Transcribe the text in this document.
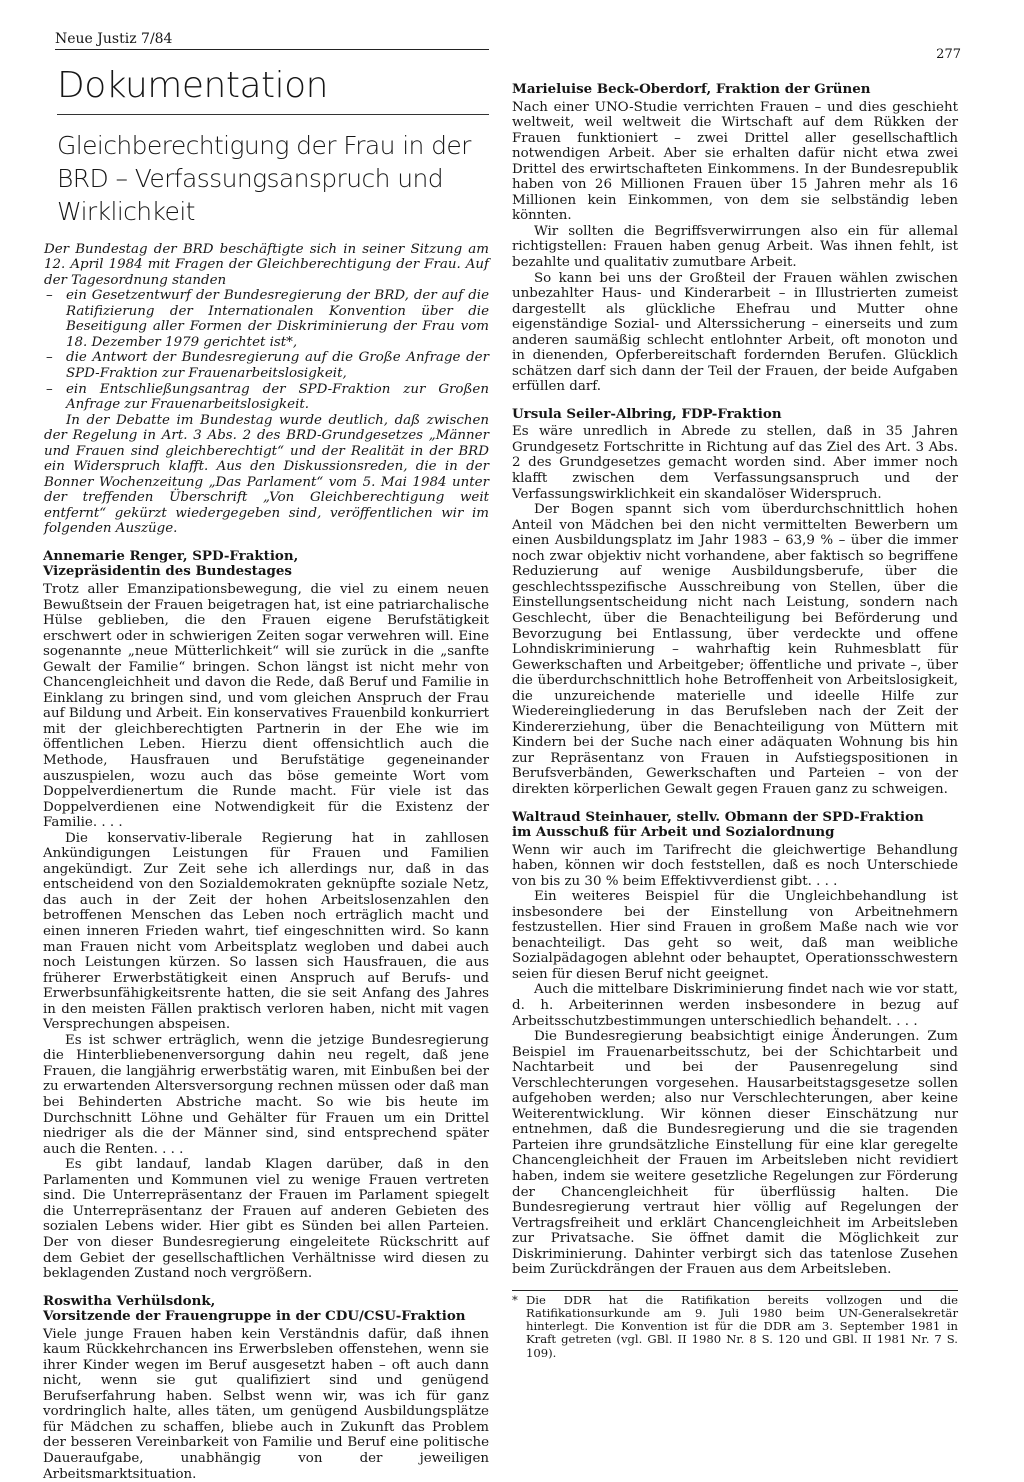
Neue Justiz 7/84
277
Dokumentation
Gleichberechtigung der Frau in der BRD – Verfassungsanspruch und Wirklichkeit

Der Bundestag der BRD beschäftigte sich in seiner Sitzung am 12. April 1984 mit Fragen der Gleichberechtigung der Frau. Auf der Tagesordnung standen

– ein Gesetzentwurf der Bundesregierung der BRD, der auf die Ratifizierung der Internationalen Konvention über die Beseitigung aller Formen der Diskriminierung der Frau vom 18. Dezember 1979 gerichtet ist*,
– die Antwort der Bundesregierung auf die Große Anfrage der SPD-Fraktion zur Frauenarbeitslosigkeit,
– ein Entschließungsantrag der SPD-Fraktion zur Großen Anfrage zur Frauenarbeitslosigkeit.

In der Debatte im Bundestag wurde deutlich, daß zwischen der Regelung in Art. 3 Abs. 2 des BRD-Grundgesetzes „Männer und Frauen sind gleichberechtigt“ und der Realität in der BRD ein Widerspruch klafft. Aus den Diskussionsreden, die in der Bonner Wochenzeitung „Das Parlament“ vom 5. Mai 1984 unter der treffenden Überschrift „Von Gleichberechtigung weit entfernt“ gekürzt wiedergegeben sind, veröffentlichen wir im folgenden Auszüge.

Annemarie Renger, SPD-Fraktion,
Vizepräsidentin des Bundestages

Trotz aller Emanzipationsbewegung, die viel zu einem neuen Bewußtsein der Frauen beigetragen hat, ist eine patriarchalische Hülse geblieben, die den Frauen eigene Berufstätigkeit erschwert oder in schwierigen Zeiten sogar verwehren will. Eine sogenannte „neue Mütterlichkeit“ will sie zurück in die „sanfte Gewalt der Familie“ bringen. Schon längst ist nicht mehr von Chancengleichheit und davon die Rede, daß Beruf und Familie in Einklang zu bringen sind, und vom gleichen Anspruch der Frau auf Bildung und Arbeit. Ein konservatives Frauenbild konkurriert mit der gleichberechtigten Partnerin in der Ehe wie im öffentlichen Leben. Hierzu dient offensichtlich auch die Methode, Hausfrauen und Berufstätige gegeneinander auszuspielen, wozu auch das böse gemeinte Wort vom Doppelverdienertum die Runde macht. Für viele ist das Doppelverdienen eine Notwendigkeit für die Existenz der Familie. . . .

Die konservativ-liberale Regierung hat in zahllosen Ankündigungen Leistungen für Frauen und Familien angekündigt. Zur Zeit sehe ich allerdings nur, daß in das entscheidend von den Sozialdemokraten geknüpfte soziale Netz, das auch in der Zeit der hohen Arbeitslosenzahlen den betroffenen Menschen das Leben noch erträglich macht und einen inneren Frieden wahrt, tief eingeschnitten wird. So kann man Frauen nicht vom Arbeitsplatz wegloben und dabei auch noch Leistungen kürzen. So lassen sich Hausfrauen, die aus früherer Erwerbstätigkeit einen Anspruch auf Berufs- und Erwerbsunfähigkeitsrente hatten, die sie seit Anfang des Jahres in den meisten Fällen praktisch verloren haben, nicht mit vagen Versprechungen abspeisen.

Es ist schwer erträglich, wenn die jetzige Bundesregierung die Hinterbliebenenversorgung dahin neu regelt, daß jene Frauen, die langjährig erwerbstätig waren, mit Einbußen bei der zu erwartenden Altersversorgung rechnen müssen oder daß man bei Behinderten Abstriche macht. So wie bis heute im Durchschnitt Löhne und Gehälter für Frauen um ein Drittel niedriger als die der Männer sind, sind entsprechend später auch die Renten. . . .

Es gibt landauf, landab Klagen darüber, daß in den Parlamenten und Kommunen viel zu wenige Frauen vertreten sind. Die Unterrepräsentanz der Frauen im Parlament spiegelt die Unterrepräsentanz der Frauen auf anderen Gebieten des sozialen Lebens wider. Hier gibt es Sünden bei allen Parteien. Der von dieser Bundesregierung eingeleitete Rückschritt auf dem Gebiet der gesellschaftlichen Verhältnisse wird diesen zu beklagenden Zustand noch vergrößern.

Roswitha Verhülsdonk,
Vorsitzende der Frauengruppe in der CDU/CSU-Fraktion

Viele junge Frauen haben kein Verständnis dafür, daß ihnen kaum Rückkehrchancen ins Erwerbsleben offenstehen, wenn sie ihrer Kinder wegen im Beruf ausgesetzt haben – oft auch dann nicht, wenn sie gut qualifiziert sind und genügend Berufserfahrung haben. Selbst wenn wir, was ich für ganz vordringlich halte, alles täten, um genügend Ausbildungsplätze für Mädchen zu schaffen, bliebe auch in Zukunft das Problem der besseren Vereinbarkeit von Familie und Beruf eine politische Daueraufgabe, unabhängig von der jeweiligen Arbeitsmarktsituation.

Marieluise Beck-Oberdorf, Fraktion der Grünen

Nach einer UNO-Studie verrichten Frauen – und dies geschieht weltweit, weil weltweit die Wirtschaft auf dem Rükken der Frauen funktioniert – zwei Drittel aller gesellschaftlich notwendigen Arbeit. Aber sie erhalten dafür nicht etwa zwei Drittel des erwirtschafteten Einkommens. In der Bundesrepublik haben von 26 Millionen Frauen über 15 Jahren mehr als 16 Millionen kein Einkommen, von dem sie selbständig leben könnten.

Wir sollten die Begriffsverwirrungen also ein für allemal richtigstellen: Frauen haben genug Arbeit. Was ihnen fehlt, ist bezahlte und qualitativ zumutbare Arbeit.

So kann bei uns der Großteil der Frauen wählen zwischen unbezahlter Haus- und Kinderarbeit – in Illustrierten zumeist dargestellt als glückliche Ehefrau und Mutter ohne eigenständige Sozial- und Alterssicherung – einerseits und zum anderen saumäßig schlecht entlohnter Arbeit, oft monoton und in dienenden, Opferbereitschaft fordernden Berufen. Glücklich schätzen darf sich dann der Teil der Frauen, der beide Aufgaben erfüllen darf.

Ursula Seiler-Albring, FDP-Fraktion

Es wäre unredlich in Abrede zu stellen, daß in 35 Jahren Grundgesetz Fortschritte in Richtung auf das Ziel des Art. 3 Abs. 2 des Grundgesetzes gemacht worden sind. Aber immer noch klafft zwischen dem Verfassungsanspruch und der Verfassungswirklichkeit ein skandalöser Widerspruch.

Der Bogen spannt sich vom überdurchschnittlich hohen Anteil von Mädchen bei den nicht vermittelten Bewerbern um einen Ausbildungsplatz im Jahr 1983 – 63,9 % – über die immer noch zwar objektiv nicht vorhandene, aber faktisch so begriffene Reduzierung auf wenige Ausbildungsberufe, über die geschlechtsspezifische Ausschreibung von Stellen, über die Einstellungsentscheidung nicht nach Leistung, sondern nach Geschlecht, über die Benachteiligung bei Beförderung und Bevorzugung bei Entlassung, über verdeckte und offene Lohndiskriminierung – wahrhaftig kein Ruhmesblatt für Gewerkschaften und Arbeitgeber; öffentliche und private –, über die überdurchschnittlich hohe Betroffenheit von Arbeitslosigkeit, die unzureichende materielle und ideelle Hilfe zur Wiedereingliederung in das Berufsleben nach der Zeit der Kindererziehung, über die Benachteiligung von Müttern mit Kindern bei der Suche nach einer adäquaten Wohnung bis hin zur Repräsentanz von Frauen in Aufstiegspositionen in Berufsverbänden, Gewerkschaften und Parteien – von der direkten körperlichen Gewalt gegen Frauen ganz zu schweigen.

Waltraud Steinhauer, stellv. Obmann der SPD-Fraktion
im Ausschuß für Arbeit und Sozialordnung

Wenn wir auch im Tarifrecht die gleichwertige Behandlung haben, können wir doch feststellen, daß es noch Unterschiede von bis zu 30 % beim Effektivverdienst gibt. . . .

Ein weiteres Beispiel für die Ungleichbehandlung ist insbesondere bei der Einstellung von Arbeitnehmern festzustellen. Hier sind Frauen in großem Maße nach wie vor benachteiligt. Das geht so weit, daß man weibliche Sozialpädagogen ablehnt oder behauptet, Operationsschwestern seien für diesen Beruf nicht geeignet.

Auch die mittelbare Diskriminierung findet nach wie vor statt, d. h. Arbeiterinnen werden insbesondere in bezug auf Arbeitsschutzbestimmungen unterschiedlich behandelt. . . .

Die Bundesregierung beabsichtigt einige Änderungen. Zum Beispiel im Frauenarbeitsschutz, bei der Schichtarbeit und Nachtarbeit und bei der Pausenregelung sind Verschlechterungen vorgesehen. Hausarbeitstagsgesetze sollen aufgehoben werden; also nur Verschlechterungen, aber keine Weiterentwicklung. Wir können dieser Einschätzung nur entnehmen, daß die Bundesregierung und die sie tragenden Parteien ihre grundsätzliche Einstellung für eine klar geregelte Chancengleichheit der Frauen im Arbeitsleben nicht revidiert haben, indem sie weitere gesetzliche Regelungen zur Förderung der Chancengleichheit für überflüssig halten. Die Bundesregierung vertraut hier völlig auf Regelungen der Vertragsfreiheit und erklärt Chancengleichheit im Arbeitsleben zur Privatsache. Sie öffnet damit die Möglichkeit zur Diskriminierung. Dahinter verbirgt sich das tatenlose Zusehen beim Zurückdrängen der Frauen aus dem Arbeitsleben.

* Die DDR hat die Ratifikation bereits vollzogen und die Ratifikationsurkunde am 9. Juli 1980 beim UN-Generalsekretär hinterlegt. Die Konvention ist für die DDR am 3. September 1981 in Kraft getreten (vgl. GBl. II 1980 Nr. 8 S. 120 und GBl. II 1981 Nr. 7 S. 109).
